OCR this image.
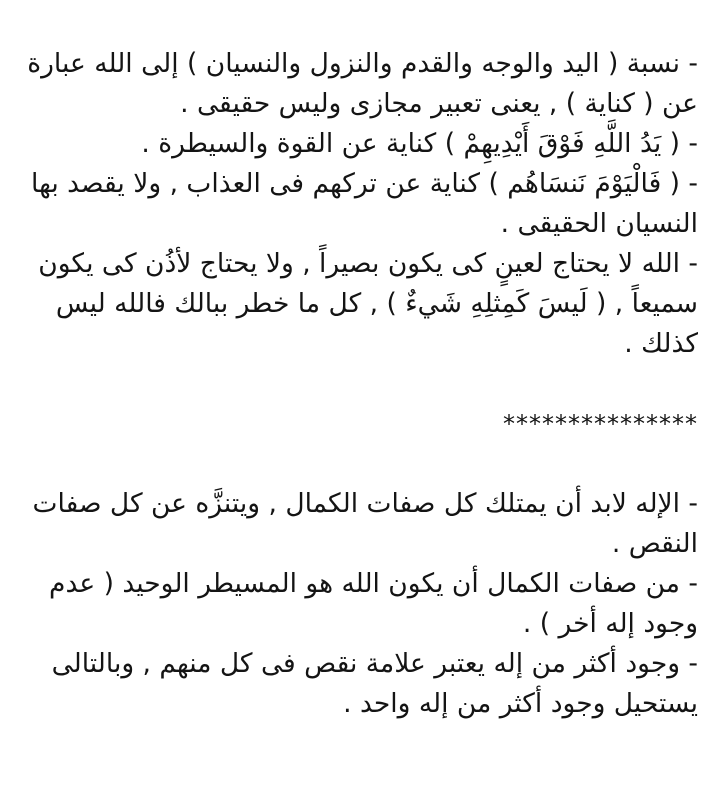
- نسبة ( اليد والوجه والقدم والنزول والنسيان ) إلى الله عبارة عن ( كناية ) , يعنى تعبير مجازى وليس حقيقى .

- ( يَدُ اللَّهِ فَوْقَ أَيْدِيهِمْ ) كناية عن القوة والسيطرة .

- ( فَالْيَوْمَ نَنسَاهُم ) كناية عن تركهم فى العذاب , ولا يقصد بها النسيان الحقيقى .

- الله لا يحتاج لعينٍ كى يكون بصيراً , ولا يحتاج لأذُن كى يكون سميعاً , ( لَيسَ كَمِثلِهِ شَيءٌ ) , كل ما خطر ببالك فالله ليس كذلك .

***************

- الإله لابد أن يمتلك كل صفات الكمال , ويتنزَّه عن كل صفات النقص .

- من صفات الكمال أن يكون الله هو المسيطر الوحيد ( عدم وجود إله أخر ) .

- وجود أكثر من إله يعتبر علامة نقص فى كل منهم , وبالتالى يستحيل وجود أكثر من إله واحد .
